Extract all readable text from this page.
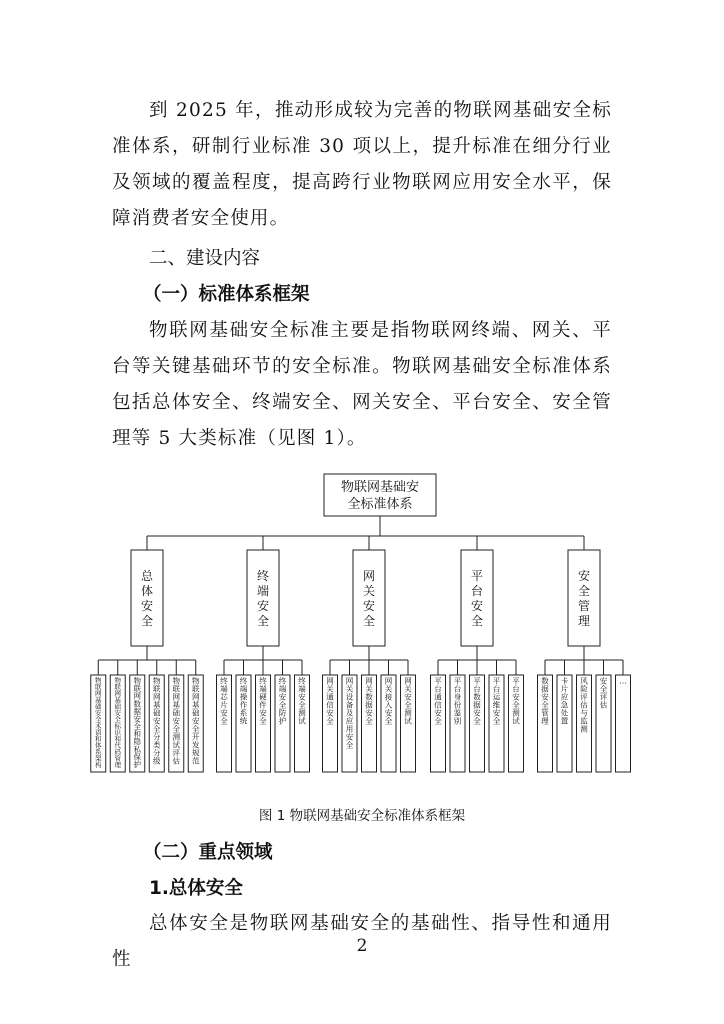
到 2025 年，推动形成较为完善的物联网基础安全标准体系，研制行业标准 30 项以上，提升标准在细分行业及领域的覆盖程度，提高跨行业物联网应用安全水平，保障消费者安全使用。

二、建设内容
（一）标准体系框架

物联网基础安全标准主要是指物联网终端、网关、平台等关键基础环节的安全标准。物联网基础安全标准体系包括总体安全、终端安全、网关安全、平台安全、安全管理等 5 大类标准（见图 1）。

物联网基础安全标准体系
总体安全
物联网基础安全术语和体系架构
物联网基础安全标识和代码管理
物联网数据安全和隐私保护
物联网基础安全分类分级
物联网基础安全测试评估
物联网基础安全开发规范
终端安全
终端芯片安全
终端操作系统
终端硬件安全
终端安全防护
终端安全测试
网关安全
网关通信安全
网关设备及应用安全
网关数据安全
网关接入安全
网关安全测试
平台安全
平台通信安全
平台身份鉴别
平台数据安全
平台运维安全
平台安全测试
安全管理
数据安全管理
卡片应急处置
风险评估与监测
安全评估
…
图 1 物联网基础安全标准体系框架
（二）重点领域
1.总体安全

总体安全是物联网基础安全的基础性、指导性和通用性

2
